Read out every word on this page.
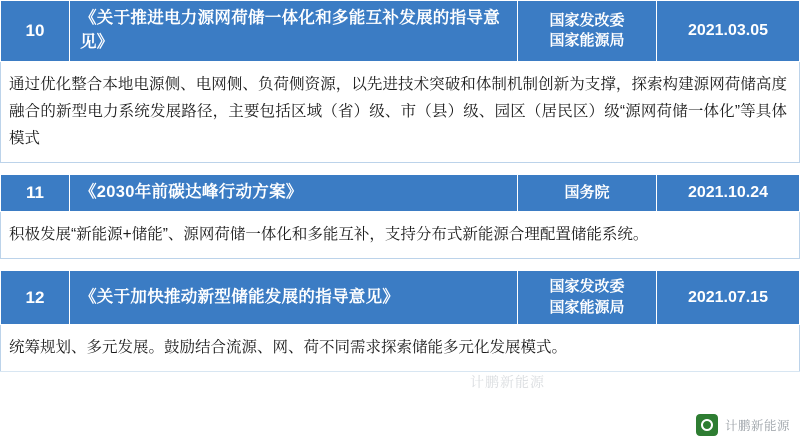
10	《关于推进电力源网荷储一体化和多能互补发展的指导意见》	国家发改委
国家能源局	2021.03.05
通过优化整合本地电源侧、电网侧、负荷侧资源，以先进技术突破和体制机制创新为支撑，探索构建源网荷储高度融合的新型电力系统发展路径，主要包括区域（省）级、市（县）级、园区（居民区）级“源网荷储一体化”等具体模式			

11	《2030年前碳达峰行动方案》	国务院	2021.10.24
积极发展“新能源+储能”、源网荷储一体化和多能互补，支持分布式新能源合理配置储能系统。			

12	《关于加快推动新型储能发展的指导意见》	国家发改委
国家能源局	2021.07.15
统筹规划、多元发展。鼓励结合流源、网、荷不同需求探索储能多元化发展模式。			
计鹏新能源
计鹏新能源
